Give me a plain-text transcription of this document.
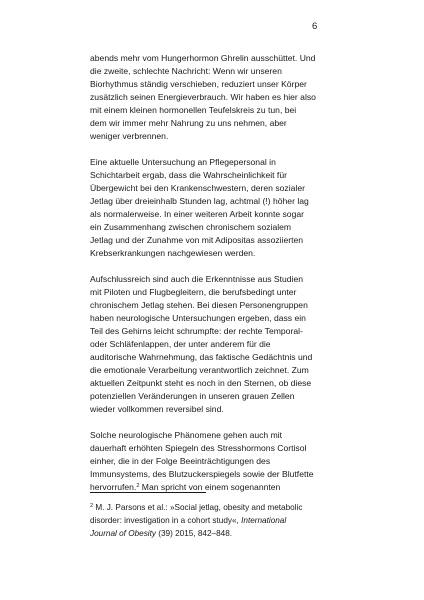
6

abends mehr vom Hungerhormon Ghrelin ausschüttet. Und
die zweite, schlechte Nachricht: Wenn wir unseren
Biorhythmus ständig verschieben, reduziert unser Körper
zusätzlich seinen Energieverbrauch. Wir haben es hier also
mit einem kleinen hormonellen Teufelskreis zu tun, bei
dem wir immer mehr Nahrung zu uns nehmen, aber
weniger verbrennen.

Eine aktuelle Untersuchung an Pflegepersonal in
Schichtarbeit ergab, dass die Wahrscheinlichkeit für
Übergewicht bei den Krankenschwestern, deren sozialer
Jetlag über dreieinhalb Stunden lag, achtmal (!) höher lag
als normalerweise. In einer weiteren Arbeit konnte sogar
ein Zusammenhang zwischen chronischem sozialem
Jetlag und der Zunahme von mit Adipositas assoziierten
Krebserkrankungen nachgewiesen werden.

Aufschlussreich sind auch die Erkenntnisse aus Studien
mit Piloten und Flugbegleitern, die berufsbedingt unter
chronischem Jetlag stehen. Bei diesen Personengruppen
haben neurologische Untersuchungen ergeben, dass ein
Teil des Gehirns leicht schrumpfte: der rechte Temporal-
oder Schläfenlappen, der unter anderem für die
auditorische Wahrnehmung, das faktische Gedächtnis und
die emotionale Verarbeitung verantwortlich zeichnet. Zum
aktuellen Zeitpunkt steht es noch in den Sternen, ob diese
potenziellen Veränderungen in unseren grauen Zellen
wieder vollkommen reversibel sind.

Solche neurologische Phänomene gehen auch mit
dauerhaft erhöhten Spiegeln des Stresshormons Cortisol
einher, die in der Folge Beeinträchtigungen des
Immunsystems, des Blutzuckerspiegels sowie der Blutfette
hervorrufen.$^2$ Man spricht von einem sogenannten

$^2$ M. J. Parsons et al.: »Social jetlag, obesity and metabolic
disorder: investigation in a cohort study«, International
Journal of Obesity (39) 2015, 842–848.
